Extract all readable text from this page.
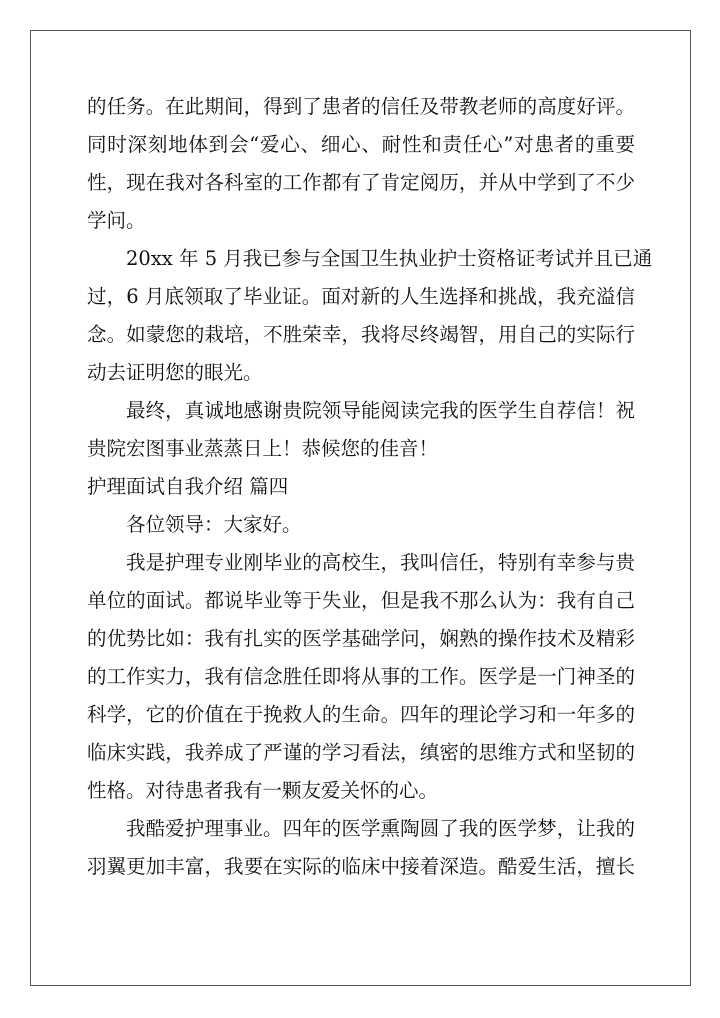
的任务。在此期间，得到了患者的信任及带教老师的高度好评。
同时深刻地体到会“爱心、细心、耐性和责任心”对患者的重要
性，现在我对各科室的工作都有了肯定阅历，并从中学到了不少
学问。
20xx 年 5 月我已参与全国卫生执业护士资格证考试并且已通
过，6 月底领取了毕业证。面对新的人生选择和挑战，我充溢信
念。如蒙您的栽培，不胜荣幸，我将尽终竭智，用自己的实际行
动去证明您的眼光。
最终，真诚地感谢贵院领导能阅读完我的医学生自荐信！祝
贵院宏图事业蒸蒸日上！恭候您的佳音！
护理面试自我介绍 篇四
各位领导：大家好。
我是护理专业刚毕业的高校生，我叫信任，特别有幸参与贵
单位的面试。都说毕业等于失业，但是我不那么认为：我有自己
的优势比如：我有扎实的医学基础学问，娴熟的操作技术及精彩
的工作实力，我有信念胜任即将从事的工作。医学是一门神圣的
科学，它的价值在于挽救人的生命。四年的理论学习和一年多的
临床实践，我养成了严谨的学习看法，缜密的思维方式和坚韧的
性格。对待患者我有一颗友爱关怀的心。
我酷爱护理事业。四年的医学熏陶圆了我的医学梦，让我的
羽翼更加丰富，我要在实际的临床中接着深造。酷爱生活，擅长
